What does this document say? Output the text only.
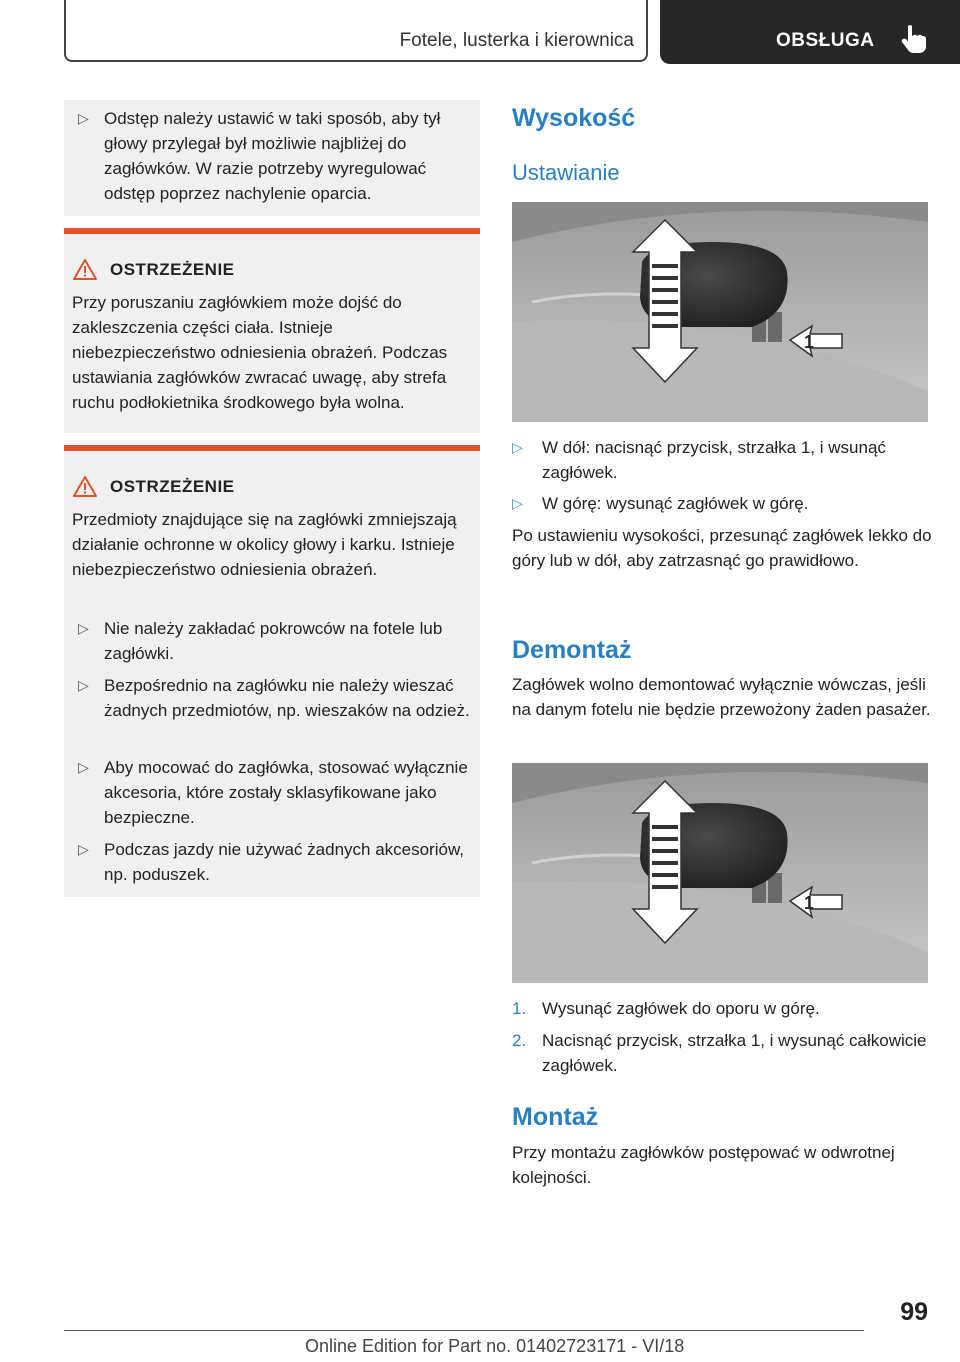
Fotele, lusterka i kierownica	OBSŁUGA
▷ Odstęp należy ustawić w taki sposób, aby tył głowy przylegał był możliwie najbliżej do zagłówków. W razie potrzeby wyregulować odstęp poprzez nachylenie oparcia.
OSTRZEŻENIE
Przy poruszaniu zagłówkiem może dojść do zakleszczenia części ciała. Istnieje niebezpieczeństwo odniesienia obrażeń. Podczas ustawiania zagłówków zwracać uwagę, aby strefa ruchu podłokietnika środkowego była wolna.
OSTRZEŻENIE
Przedmioty znajdujące się na zagłówki zmniejszają działanie ochronne w okolicy głowy i karku. Istnieje niebezpieczeństwo odniesienia obrażeń.
▷ Nie należy zakładać pokrowców na fotele lub zagłówki.
▷ Bezpośrednio na zagłówku nie należy wieszać żadnych przedmiotów, np. wieszaków na odzież.
▷ Aby mocować do zagłówka, stosować wyłącznie akcesoria, które zostały sklasyfikowane jako bezpieczne.
▷ Podczas jazdy nie używać żadnych akcesoriów, np. poduszek.
Wysokość
Ustawianie
1
▷ W dół: nacisnąć przycisk, strzałka 1, i wsunąć zagłówek.
▷ W górę: wysunąć zagłówek w górę.
Po ustawieniu wysokości, przesunąć zagłówek lekko do góry lub w dół, aby zatrzasnąć go prawidłowo.
Demontaż
Zagłówek wolno demontować wyłącznie wówczas, jeśli na danym fotelu nie będzie przewożony żaden pasażer.
1
1. Wysunąć zagłówek do oporu w górę.
2. Nacisnąć przycisk, strzałka 1, i wysunąć całkowicie zagłówek.
Montaż
Przy montażu zagłówków postępować w odwrotnej kolejności.
99
Online Edition for Part no. 01402723171 - VI/18
